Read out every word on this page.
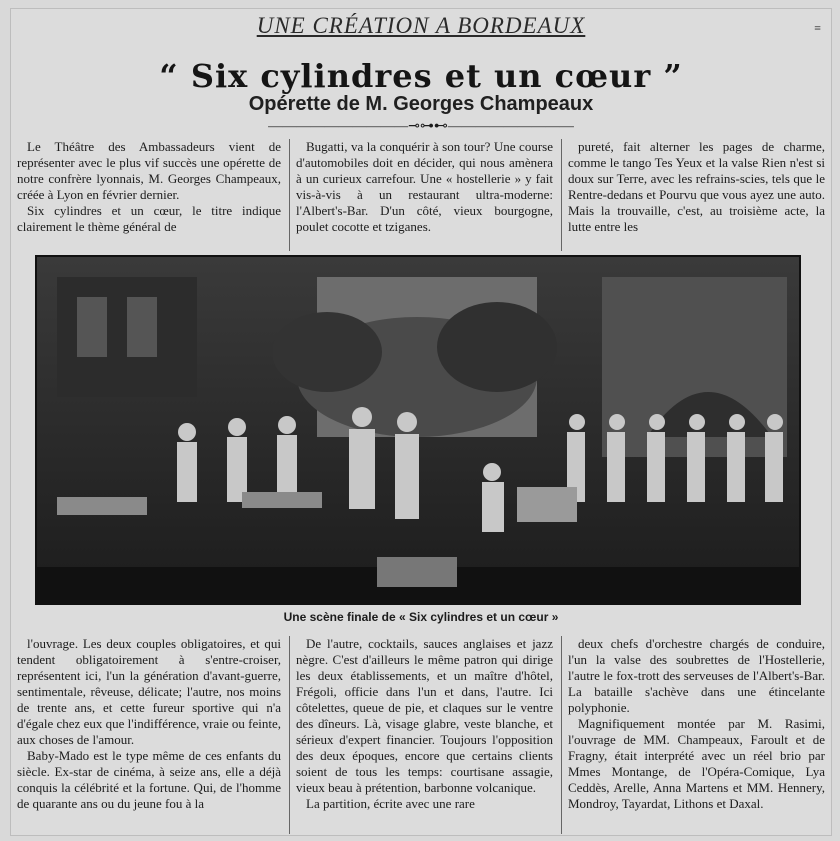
≡
UNE CRÉATION A BORDEAUX
“ Six cylindres et un cœur ”
Opérette de M. Georges Champeaux
——————————⊸⊶⊷—————————

Le Théâtre des Ambassadeurs vient de représenter avec le plus vif succès une opérette de notre confrère lyonnais, M. Georges Champeaux, créée à Lyon en février dernier.

Six cylindres et un cœur, le titre indique clairement le thème général de

Bugatti, va la conquérir à son tour? Une course d'automobiles doit en décider, qui nous amènera à un curieux carrefour. Une « hostellerie » y fait vis-à-vis à un restaurant ultra-moderne: l'Albert's-Bar. D'un côté, vieux bourgogne, poulet cocotte et tziganes.

pureté, fait alterner les pages de charme, comme le tango Tes Yeux et la valse Rien n'est si doux sur Terre, avec les refrains-scies, tels que le Rentre-dedans et Pourvu que vous ayez une auto. Mais la trouvaille, c'est, au troisième acte, la lutte entre les

Une scène finale de « Six cylindres et un cœur »

l'ouvrage. Les deux couples obligatoires, et qui tendent obligatoirement à s'entre-croiser, représentent ici, l'un la génération d'avant-guerre, sentimentale, rêveuse, délicate; l'autre, nos moins de trente ans, et cette fureur sportive qui n'a d'égale chez eux que l'indifférence, vraie ou feinte, aux choses de l'amour.

Baby-Mado est le type même de ces enfants du siècle. Ex-star de cinéma, à seize ans, elle a déjà conquis la célébrité et la fortune. Qui, de l'homme de quarante ans ou du jeune fou à la

De l'autre, cocktails, sauces anglaises et jazz nègre. C'est d'ailleurs le même patron qui dirige les deux établissements, et un maître d'hôtel, Frégoli, officie dans l'un et dans, l'autre. Ici côtelettes, queue de pie, et claques sur le ventre des dîneurs. Là, visage glabre, veste blanche, et sérieux d'expert financier. Toujours l'opposition des deux époques, encore que certains clients soient de tous les temps: courtisane assagie, vieux beau à prétention, barbonne volcanique.

La partition, écrite avec une rare

deux chefs d'orchestre chargés de conduire, l'un la valse des soubrettes de l'Hostellerie, l'autre le fox-trott des serveuses de l'Albert's-Bar. La bataille s'achève dans une étincelante polyphonie.

Magnifiquement montée par M. Rasimi, l'ouvrage de MM. Champeaux, Faroult et de Fragny, était interprété avec un réel brio par Mmes Montange, de l'Opéra-Comique, Lya Ceddès, Arelle, Anna Martens et MM. Hennery, Mondroy, Tayardat, Lithons et Daxal.
